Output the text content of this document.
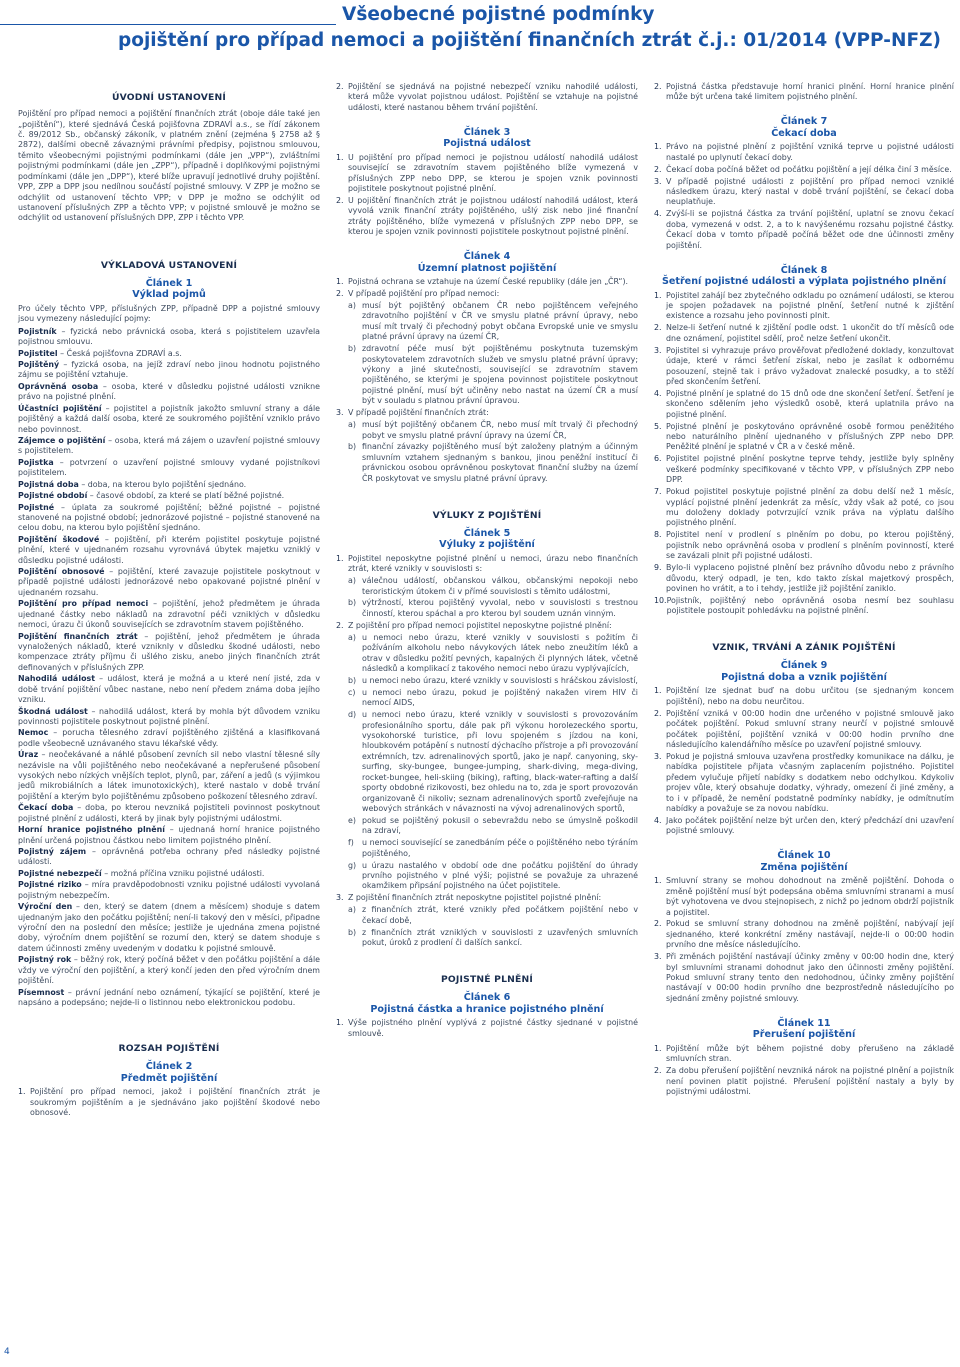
Všeobecné pojistné podmínky
pojištění pro případ nemoci a pojištění finančních ztrát č.j.: 01/2014 (VPP-NFZ)
ÚVODNÍ USTANOVENÍ

Pojištění pro případ nemoci a pojištění finančních ztrát (oboje dále také jen „pojištění“), které sjednává Česká pojišťovna ZDRAVÍ a.s., se řídí zákonem č. 89/2012 Sb., občanský zákoník, v platném znění (zejména § 2758 až § 2872), dalšími obecně závaznými právními předpisy, pojistnou smlouvou, těmito všeobecnými pojistnými podmínkami (dále jen „VPP“), zvláštními pojistnými podmínkami (dále jen „ZPP“), případně i doplňkovými pojistnými podmínkami (dále jen „DPP“), které blíže upravují jednotlivé druhy pojištění. VPP, ZPP a DPP jsou nedílnou součástí pojistné smlouvy. V ZPP je možno se odchýlit od ustanovení těchto VPP; v DPP je možno se odchýlit od ustanovení příslušných ZPP a těchto VPP; v pojistné smlouvě je možno se odchýlit od ustanovení příslušných DPP, ZPP i těchto VPP.

VÝKLADOVÁ USTANOVENÍ
Článek 1
Výklad pojmů

Pro účely těchto VPP, příslušných ZPP, případně DPP a pojistné smlouvy jsou vymezeny následující pojmy:

Pojistník – fyzická nebo právnická osoba, která s pojistitelem uzavřela pojistnou smlouvu.

Pojistitel – Česká pojišťovna ZDRAVÍ a.s.

Pojištěný – fyzická osoba, na jejíž zdraví nebo jinou hodnotu pojistného zájmu se pojištění vztahuje.

Oprávněná osoba – osoba, které v důsledku pojistné události vznikne právo na pojistné plnění.

Účastníci pojištění – pojistitel a pojistník jakožto smluvní strany a dále pojištěný a každá další osoba, které ze soukromého pojištění vzniklo právo nebo povinnost.

Zájemce o pojištění – osoba, která má zájem o uzavření pojistné smlouvy s pojistitelem.

Pojistka – potvrzení o uzavření pojistné smlouvy vydané pojistníkovi pojistitelem.

Pojistná doba – doba, na kterou bylo pojištění sjednáno.

Pojistné období – časové období, za které se platí běžné pojistné.

Pojistné – úplata za soukromé pojištění; běžné pojistné – pojistné stanovené na pojistné období; jednorázové pojistné – pojistné stanovené na celou dobu, na kterou bylo pojištění sjednáno.

Pojištění škodové – pojištění, při kterém pojistitel poskytuje pojistné plnění, které v ujednaném rozsahu vyrovnává úbytek majetku vzniklý v důsledku pojistné události.

Pojištění obnosové – pojištění, které zavazuje pojistitele poskytnout v případě pojistné události jednorázové nebo opakované pojistné plnění v ujednaném rozsahu.

Pojištění pro případ nemoci – pojištění, jehož předmětem je úhrada ujednané částky nebo nákladů na zdravotní péči vzniklých v důsledku nemoci, úrazu či úkonů souvisejících se zdravotním stavem pojištěného.

Pojištění finančních ztrát – pojištění, jehož předmětem je úhrada vynaložených nákladů, které vzniknly v důsledku škodné události, nebo kompenzace ztráty příjmu či ušlého zisku, anebo jiných finančních ztrát definovaných v příslušných ZPP.

Nahodilá událost – událost, která je možná a u které není jisté, zda v době trvání pojištění vůbec nastane, nebo není předem známa doba jejího vzniku.

Škodná událost – nahodilá událost, která by mohla být důvodem vzniku povinnosti pojistitele poskytnout pojistné plnění.

Nemoc – porucha tělesného zdraví pojištěného zjištěná a klasifikovaná podle všeobecně uznávaného stavu lékařské vědy.

Úraz – neočekávané a náhlé působení zevních sil nebo vlastní tělesné síly nezávisle na vůli pojištěného nebo neočekávané a nepřerušené působení vysokých nebo nízkých vnějších teplot, plynů, par, záření a jedů (s výjimkou jedů mikrobiálních a látek imunotoxických), které nastalo v době trvání pojištění a kterým bylo pojištěnému způsobeno poškození tělesného zdraví.

Čekací doba – doba, po kterou nevzniká pojistiteli povinnost poskytnout pojistné plnění z události, která by jinak byly pojistnými událostmi.

Horní hranice pojistného plnění – ujednaná horní hranice pojistného plnění určená pojistnou částkou nebo limitem pojistného plnění.

Pojistný zájem – oprávněná potřeba ochrany před následky pojistné události.

Pojistné nebezpečí – možná příčina vzniku pojistné události.

Pojistné riziko – míra pravděpodobnosti vzniku pojistné události vyvolaná pojistným nebezpečím.

Výroční den – den, který se datem (dnem a měsícem) shoduje s datem ujednaným jako den počátku pojištění; není-li takový den v měsíci, připadne výroční den na poslední den měsíce; jestliže je ujednána zmena pojistné doby, výročním dnem pojištění se rozumí den, který se datem shoduje s datem účinnosti změny uvedeným v dodatku k pojistné smlouvě.

Pojistný rok – běžný rok, který počíná běžet v den počátku pojištění a dále vždy ve výroční den pojištění, a který končí jeden den před výročním dnem pojištění.

Písemnost – právní jednání nebo oznámení, týkající se pojištění, které je napsáno a podepsáno; nejde-li o listinnou nebo elektronickou podobu.

ROZSAH POJIŠTĚNÍ
Článek 2
Předmět pojištění
1. Pojištění pro případ nemoci, jakož i pojištění finančních ztrát je soukromým pojištěním a je sjednáváno jako pojištění škodové nebo obnosové.
2. Pojištění se sjednává na pojistné nebezpečí vzniku nahodilé události, která může vyvolat pojistnou událost. Pojištění se vztahuje na pojistné události, které nastanou během trvání pojištění.
Článek 3
Pojistná událost
1. U pojištění pro případ nemoci je pojistnou událostí nahodilá událost související se zdravotním stavem pojištěného blíže vymezená v příslušných ZPP nebo DPP, se kterou je spojen vznik povinnosti pojistitele poskytnout pojistné plnění.
2. U pojištění finančních ztrát je pojistnou událostí nahodilá událost, která vyvolá vznik finanční ztráty pojištěného, ušlý zisk nebo jiné finanční ztráty pojištěného, blíže vymezená v příslušných ZPP nebo DPP, se kterou je spojen vznik povinnosti pojistitele poskytnout pojistné plnění.
Článek 4
Územní platnost pojištění
1. Pojistná ochrana se vztahuje na území České republiky (dále jen „ČR“).
2. V případě pojištění pro případ nemoci:
a) musí být pojištěný občanem ČR nebo pojištěncem veřejného zdravotního pojištění v ČR ve smyslu platné právní úpravy, nebo musí mít trvalý či přechodný pobyt občana Evropské unie ve smyslu platné právní úpravy na území ČR,
b) zdravotní péče musí být pojištěnému poskytnuta tuzemským poskytovatelem zdravotních služeb ve smyslu platné právní úpravy; výkony a jiné skutečnosti, související se zdravotním stavem pojištěného, se kterými je spojena povinnost pojistitele poskytnout pojistné plnění, musí být učiněny nebo nastat na území ČR a musí být v souladu s platnou právní úpravou.
3. V případě pojištění finančních ztrát:
a) musí být pojištěný občanem ČR, nebo musí mít trvalý či přechodný pobyt ve smyslu platné právní úpravy na území ČR,
b) finanční závazky pojištěného musí být založeny platným a účinným smluvním vztahem sjednaným s bankou, jinou peněžní institucí či právnickou osobou oprávněnou poskytovat finanční služby na území ČR poskytovat ve smyslu platné právní úpravy.
VÝLUKY Z POJIŠTĚNÍ
Článek 5
Výluky z pojištění
1. Pojistitel neposkytne pojistné plnění u nemoci, úrazu nebo finančních ztrát, které vznikly v souvislosti s:
a) válečnou událostí, občanskou válkou, občanskými nepokoji nebo teroristickým útokem či v přímé souvislosti s těmito událostmi,
b) výtržností, kterou pojištěný vyvolal, nebo v souvislosti s trestnou činností, kterou spáchal a pro kterou byl soudem uznán vinným.
2. Z pojištění pro případ nemoci pojistitel neposkytne pojistné plnění:
a) u nemoci nebo úrazu, které vznikly v souvislosti s požitím či požíváním alkoholu nebo návykových látek nebo zneužitím léků a otrav v důsledku požití pevných, kapalných či plynných látek, včetně následků a komplikací z takového nemoci nebo úrazu vyplývajících,
b) u nemoci nebo úrazu, které vznikly v souvislosti s hráčskou závislostí,
c) u nemoci nebo úrazu, pokud je pojištěný nakažen virem HIV či nemocí AIDS,
d) u nemoci nebo úrazu, které vznikly v souvislosti s provozováním profesionálního sportu, dále pak při výkonu horolezeckého sportu, vysokohorské turistice, při lovu spojeném s jízdou na koni, hloubkovém potápění s nutností dýchacího přístroje a při provozování extrémních, tzv. adrenalinových sportů, jako je např. canyoning, sky-surfing, sky-bungee, bungee-jumping, shark-diving, mega-diving, rocket-bungee, heli-skiing (biking), rafting, black-water-rafting a další sporty obdobné rizikovosti, bez ohledu na to, zda je sport provozován organizovaně či nikoliv; seznam adrenalinových sportů zveřejňuje na webových stránkách v návaznosti na vývoj adrenalinových sportů,
e) pokud se pojištěný pokusil o sebevraždu nebo se úmyslně poškodil na zdraví,
f)	u nemoci související se zanedbáním péče o pojištěného nebo týráním pojištěného,
g) u úrazu nastalého v období ode dne počátku pojištění do úhrady prvního pojistného v plné výši; pojistné se považuje za uhrazené okamžikem připsání pojistného na účet pojistitele.
3. Z pojištění finančních ztrát neposkytne pojistitel pojistné plnění:
a) z finančních ztrát, které vznikly před počátkem pojištění nebo v čekací době,
b) z finančních ztrát vzniklých v souvislosti z uzavřených smluvních pokut, úroků z prodlení či dalších sankcí.
POJISTNÉ PLNĚNÍ
Článek 6
Pojistná částka a hranice pojistného plnění
1. Výše pojistného plnění vyplývá z pojistné částky sjednané v pojistné smlouvě.
2. Pojistná částka představuje horní hranici plnění. Horní hranice plnění může být určena také limitem pojistného plnění.
Článek 7
Čekací doba
1. Právo na pojistné plnění z pojištění vzniká teprve u pojistné události nastalé po uplynutí čekací doby.
2. Čekací doba počíná běžet od počátku pojištění a její délka činí 3 měsíce.
3. V případě pojistné události z pojištění pro případ nemoci vzniklé následkem úrazu, který nastal v době trvání pojištění, se čekací doba neuplatňuje.
4. Zvýší-li se pojistná částka za trvání pojištění, uplatní se znovu čekací doba, vymezená v odst. 2, a to k navýšenému rozsahu pojistné částky. Čekací doba v tomto případě počíná běžet ode dne účinnosti změny pojištění.
Článek 8
Šetření pojistné události a výplata pojistného plnění
1. Pojistitel zahájí bez zbytečného odkladu po oznámení události, se kterou je spojen požadavek na pojistné plnění, šetření nutné k zjištění existence a rozsahu jeho povinnosti plnit.
2. Nelze-li šetření nutné k zjištění podle odst. 1 ukončit do tří měsíců ode dne oznámení, pojistitel sdělí, proč nelze šetření ukončit.
3. Pojistitel si vyhrazuje právo prověřovat předložené doklady, konzultovat údaje, které v rámci šetření získal, nebo je zasílat k odbornému posouzení, stejně tak i právo vyžadovat znalecké posudky, a to stěží před skončením šetření.
4. Pojistné plnění je splatné do 15 dnů ode dne skončení šetření. Šetření je skončeno sdělením jeho výsledků osobě, která uplatnila právo na pojistné plnění.
5. Pojistné plnění je poskytováno oprávněné osobě formou peněžitého nebo naturálního plnění ujednaného v příslušných ZPP nebo DPP. Peněžité plnění je splatné v ČR a v české měně.
6. Pojistitel pojistné plnění poskytne teprve tehdy, jestliže byly splněny veškeré podmínky specifikované v těchto VPP, v příslušných ZPP nebo DPP.
7. Pokud pojistitel poskytuje pojistné plnění za dobu delší než 1 měsíc, vyplácí pojistné plnění jedenkrát za měsíc, vždy však až poté, co jsou mu doloženy doklady potvrzující vznik práva na výplatu dalšího pojistného plnění.
8. Pojistitel není v prodlení s plněním po dobu, po kterou pojištěný, pojistník nebo oprávněná osoba v prodlení s plněním povinností, které se zavázali plnit při pojistné události.
9. Bylo-li vyplaceno pojistné plnění bez právního důvodu nebo z právního důvodu, který odpadl, je ten, kdo takto získal majetkový prospěch, povinen ho vrátit, a to i tehdy, jestliže již pojištění zaniklo.
10. Pojistník, pojištěný nebo oprávněná osoba nesmí bez souhlasu pojistitele postoupit pohledávku na pojistné plnění.
VZNIK, TRVÁNÍ A ZÁNIK POJIŠTĚNÍ
Článek 9
Pojistná doba a vznik pojištění
1. Pojištění lze sjednat buď na dobu určitou (se sjednaným koncem pojištění), nebo na dobu neurčitou.
2. Pojištění vzniká v 00:00 hodin dne určeného v pojistné smlouvě jako počátek pojištění. Pokud smluvní strany neurčí v pojistné smlouvě počátek pojištění, pojištění vzniká v 00:00 hodin prvního dne následujícího kalendářního měsíce po uzavření pojistné smlouvy.
3. Pokud je pojistná smlouva uzavřena prostředky komunikace na dálku, je nabídka pojistitele přijata včasným zaplacením pojistného. Pojistitel předem vylučuje přijetí nabídky s dodatkem nebo odchylkou. Kdykoliv projev vůle, který obsahuje dodatky, výhrady, omezení či jiné změny, a to i v případě, že nemění podstatně podmínky nabídky, je odmítnutím nabídky a považuje se za novou nabídku.
4. Jako počátek pojištění nelze být určen den, který předchází dni uzavření pojistné smlouvy.
Článek 10
Změna pojištění
1. Smluvní strany se mohou dohodnout na změně pojištění. Dohoda o změně pojištění musí být podepsána oběma smluvními stranami a musí být vyhotovena ve dvou stejnopisech, z nichž po jednom obdrží pojistník a pojistitel.
2. Pokud se smluvní strany dohodnou na změně pojištění, nabývají její sjednaného, které konkrétní změny nastávají, nejde-li o 00:00 hodin prvního dne měsíce následujícího.
3. Při změnách pojištění nastávají účinky změny v 00:00 hodin dne, který byl smluvními stranami dohodnut jako den účinnosti změny pojištění. Pokud smluvní strany tento den nedohodnou, účinky změny pojištění nastávají v 00:00 hodin prvního dne bezprostředně následujícího po sjednání změny pojistné smlouvy.
Článek 11
Přerušení pojištění
1. Pojištění může být během pojistné doby přerušeno na základě smluvních stran.
2. Za dobu přerušení pojištění nevzniká nárok na pojistné plnění a pojistník není povinen platit pojistné. Přerušení pojištění nastaly a byly by pojistnými událostmi.
4
